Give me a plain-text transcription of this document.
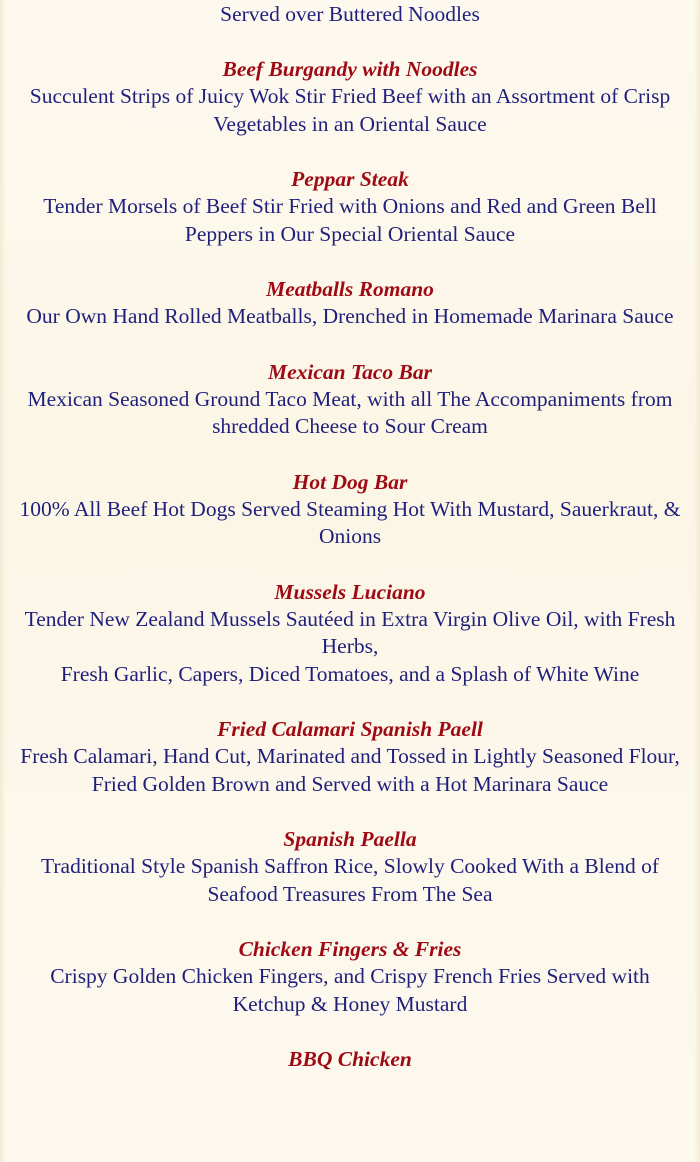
Served over Buttered Noodles

Beef Burgandy with Noodles

Succulent Strips of Juicy Wok Stir Fried Beef with an Assortment of Crisp Vegetables in an Oriental Sauce

Peppar Steak

Tender Morsels of Beef Stir Fried with Onions and Red and Green Bell Peppers in Our Special Oriental Sauce

Meatballs Romano

Our Own Hand Rolled Meatballs, Drenched in Homemade Marinara Sauce

Mexican Taco Bar

Mexican Seasoned Ground Taco Meat, with all The Accompaniments from shredded Cheese to Sour Cream

Hot Dog Bar

100% All Beef Hot Dogs Served Steaming Hot With Mustard, Sauerkraut, & Onions

Mussels Luciano

Tender New Zealand Mussels Sautéed in Extra Virgin Olive Oil, with Fresh Herbs,

Fresh Garlic, Capers, Diced Tomatoes, and a Splash of White Wine

Fried Calamari Spanish Paell

Fresh Calamari, Hand Cut, Marinated and Tossed in Lightly Seasoned Flour,

Fried Golden Brown and Served with a Hot Marinara Sauce

Spanish Paella

Traditional Style Spanish Saffron Rice, Slowly Cooked With a Blend of

Seafood Treasures From The Sea

Chicken Fingers & Fries

Crispy Golden Chicken Fingers, and Crispy French Fries Served with Ketchup & Honey Mustard

BBQ Chicken
